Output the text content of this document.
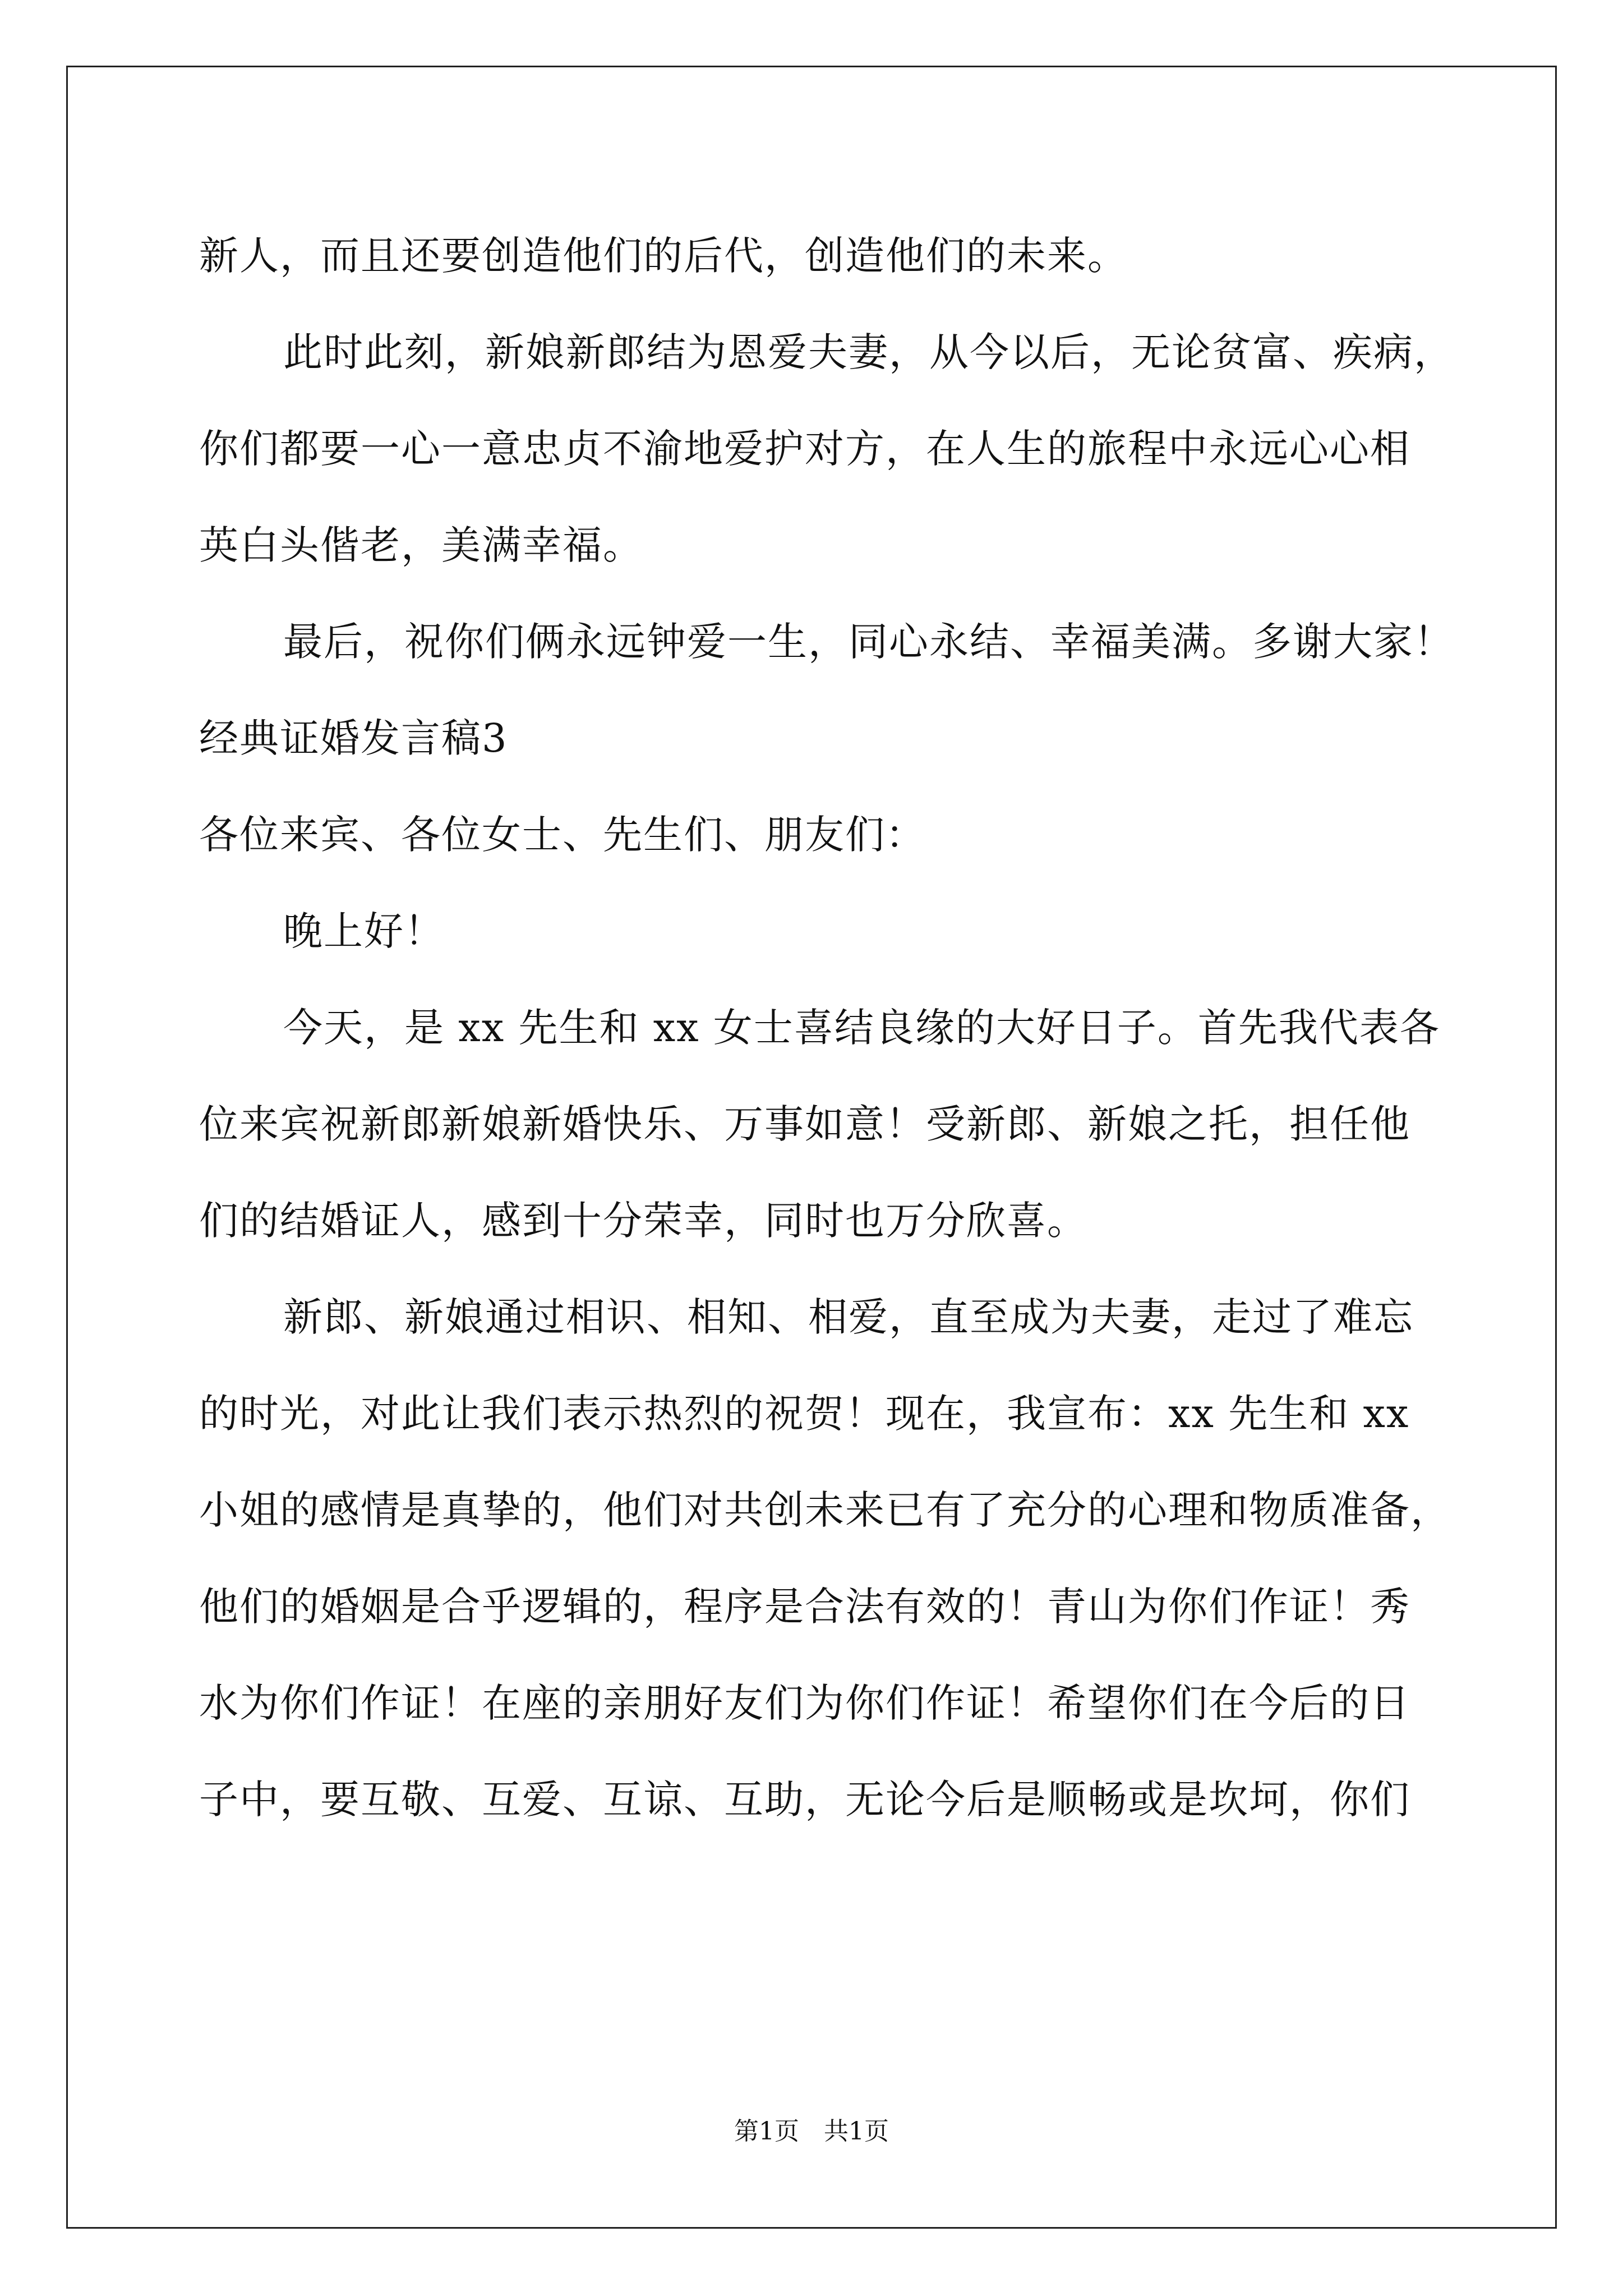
新人，而且还要创造他们的后代，创造他们的未来。
此时此刻，新娘新郎结为恩爱夫妻，从今以后，无论贫富、疾病，
你们都要一心一意忠贞不渝地爱护对方，在人生的旅程中永远心心相
英白头偕老，美满幸福。
最后，祝你们俩永远钟爱一生，同心永结、幸福美满。多谢大家！
经典证婚发言稿3
各位来宾、各位女士、先生们、朋友们：
晚上好！
今天，是 xx 先生和 xx 女士喜结良缘的大好日子。首先我代表各
位来宾祝新郎新娘新婚快乐、万事如意！受新郎、新娘之托，担任他
们的结婚证人，感到十分荣幸，同时也万分欣喜。
新郎、新娘通过相识、相知、相爱，直至成为夫妻，走过了难忘
的时光，对此让我们表示热烈的祝贺！现在，我宣布：xx 先生和 xx
小姐的感情是真挚的，他们对共创未来已有了充分的心理和物质准备，
他们的婚姻是合乎逻辑的，程序是合法有效的！青山为你们作证！秀
水为你们作证！在座的亲朋好友们为你们作证！希望你们在今后的日
子中，要互敬、互爱、互谅、互助，无论今后是顺畅或是坎坷，你们
第1页　共1页
